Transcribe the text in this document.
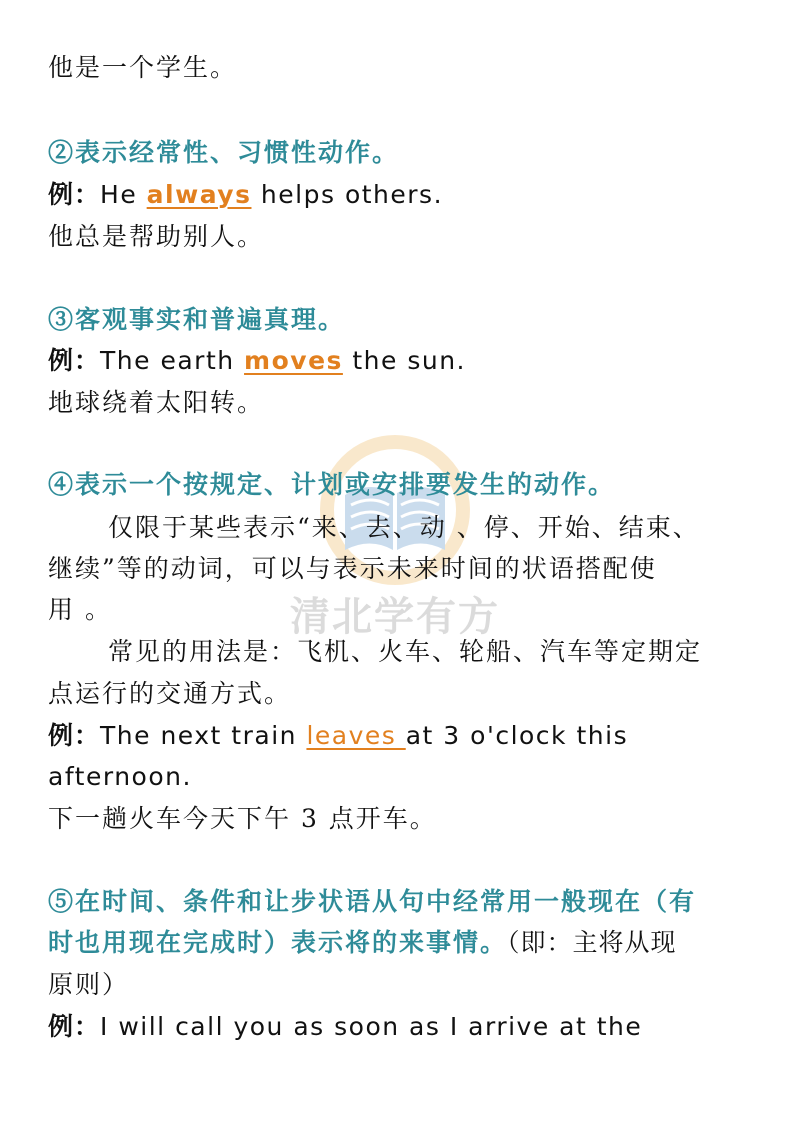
清北学有方
他是一个学生。
②表示经常性、习惯性动作。
例：He always helps others.
他总是帮助别人。
③客观事实和普遍真理。
例：The earth moves the sun.
地球绕着太阳转。
④表示一个按规定、计划或安排要发生的动作。
仅限于某些表示“来、去、动 、停、开始、结束、
继续”等的动词，可以与表示未来时间的状语搭配使
用 。
常见的用法是：飞机、火车、轮船、汽车等定期定
点运行的交通方式。
例：The next train leaves at 3 o'clock this
afternoon.
下一趟火车今天下午 3 点开车。
⑤在时间、条件和让步状语从句中经常用一般现在（有
时也用现在完成时）表示将的来事情。（即：主将从现
原则）
例：I will call you as soon as I arrive at the
